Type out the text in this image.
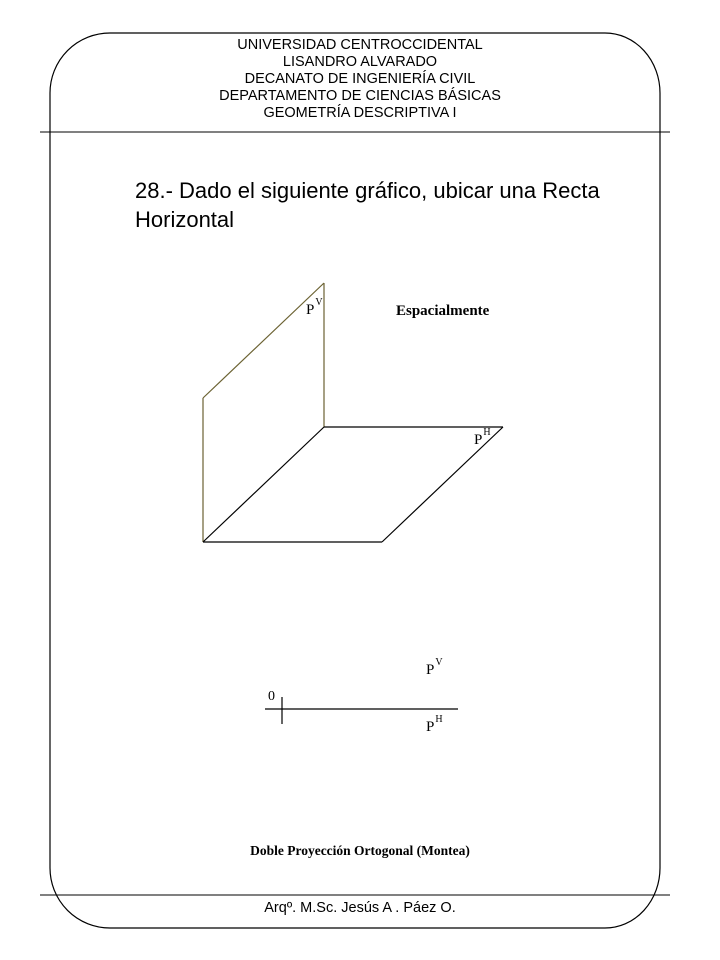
UNIVERSIDAD CENTROCCIDENTAL
LISANDRO ALVARADO
DECANATO DE INGENIERÍA CIVIL
DEPARTAMENTO DE CIENCIAS BÁSICAS
GEOMETRÍA DESCRIPTIVA I
28.- Dado el siguiente gráfico, ubicar una Recta Horizontal
$P^V$
Espacialmente
$P^H$
$P^V$
0
$P^H$
Doble Proyección Ortogonal (Montea)
Arqº. M.Sc. Jesús A . Páez O.
